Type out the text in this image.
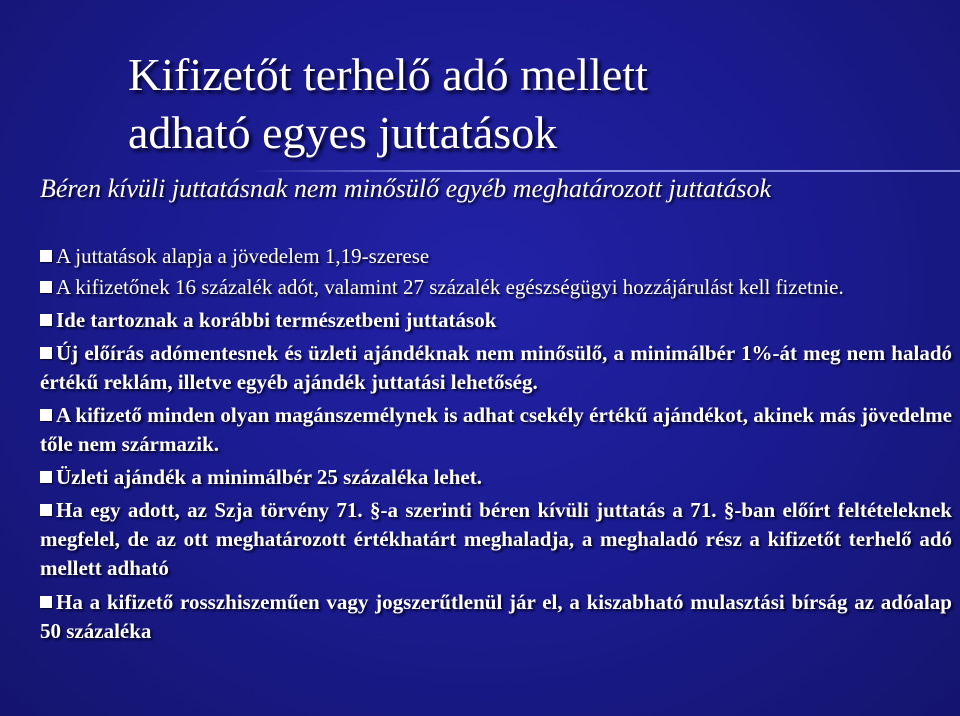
Kifizetőt terhelő adó mellett
adható egyes juttatások
Béren kívüli juttatásnak nem minősülő egyéb meghatározott juttatások

A juttatások alapja a jövedelem 1,19-szerese

A kifizetőnek 16 százalék adót, valamint 27 százalék egészségügyi hozzájárulást kell fizetnie.

Ide tartoznak a korábbi természetbeni juttatások

Új előírás adómentesnek és üzleti ajándéknak nem minősülő, a minimálbér 1%-át meg nem haladó értékű reklám, illetve egyéb ajándék juttatási lehetőség.

A kifizető minden olyan magánszemélynek is adhat csekély értékű ajándékot, akinek más jövedelme tőle nem származik.

Üzleti ajándék a minimálbér 25 százaléka lehet.

Ha egy adott, az Szja törvény 71. §-a szerinti béren kívüli juttatás a 71. §-ban előírt feltételeknek megfelel, de az ott meghatározott értékhatárt meghaladja, a meghaladó rész a kifizetőt terhelő adó mellett adható

Ha a kifizető rosszhiszeműen vagy jogszerűtlenül jár el, a kiszabható mulasztási bírság az adóalap 50 százaléka
